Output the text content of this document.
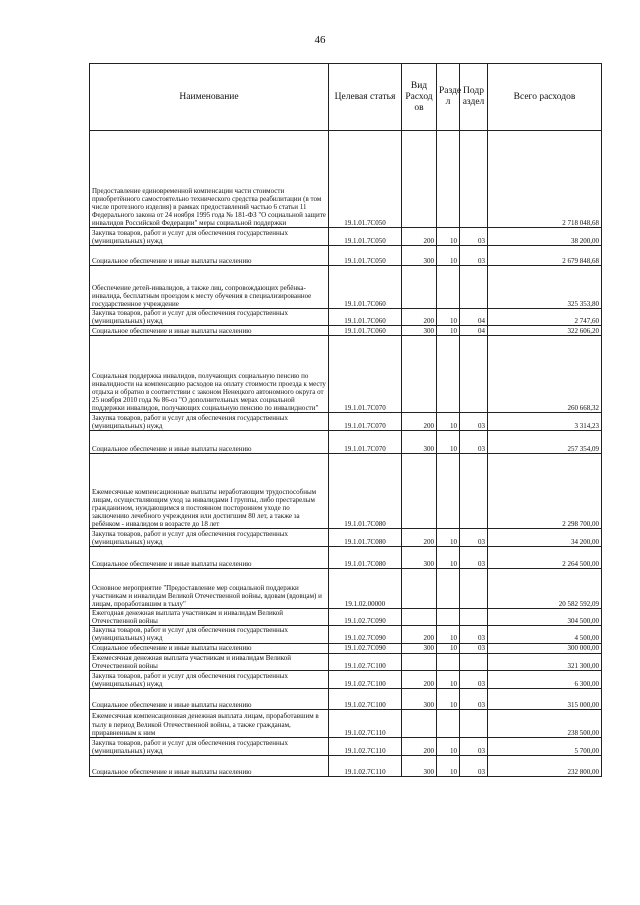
46
Наименование	Целевая статья	Вид Расход ов	Разде л	Подр аздел	Всего расходов
Предоставление единовременной компенсации части стоимости приобретённого самостоятельно технического средства реабилитации (в том числе протезного изделия) в рамках предоставлений частью 6 статьи 11 Федерального закона от 24 ноября 1995 года № 181-ФЗ "О социальной защите инвалидов Российской Федерации" меры социальной поддержки	19.1.01.7С050				2 718 048,68
Закупка товаров, работ и услуг для обеспечения государственных (муниципальных) нужд	19.1.01.7С050	200	10	03	38 200,00
Социальное обеспечение и иные выплаты населению	19.1.01.7С050	300	10	03	2 679 848,68
Обеспечение детей-инвалидов, а также лиц, сопровождающих ребёнка-инвалида, бесплатным проездом к месту обучения в специализированное государственное учреждение	19.1.01.7С060				325 353,80
Закупка товаров, работ и услуг для обеспечения государственных (муниципальных) нужд	19.1.01.7С060	200	10	04	2 747,60
Социальное обеспечение и иные выплаты населению	19.1.01.7С060	300	10	04	322 606,20
Социальная поддержка инвалидов, получающих социальную пенсию по инвалидности на компенсацию расходов на оплату стоимости проезда к месту отдыха и обратно в соответствии с законом Ненецкого автономного округа от 25 ноября 2010 года № 86-оз "О дополнительных мерах социальной поддержки инвалидов, получающих социальную пенсию по инвалидности"	19.1.01.7С070				260 668,32
Закупка товаров, работ и услуг для обеспечения государственных (муниципальных) нужд	19.1.01.7С070	200	10	03	3 314,23
Социальное обеспечение и иные выплаты населению	19.1.01.7С070	300	10	03	257 354,09
Ежемесячные компенсационные выплаты неработающим трудоспособным лицам, осуществляющим уход за инвалидами I группы, либо престарелым гражданином, нуждающимся в постоянном постороннем уходе по заключению лечебного учреждения или достигшим 80 лет, а также за ребёнком - инвалидом в возрасте до 18 лет	19.1.01.7С080				2 298 700,00
Закупка товаров, работ и услуг для обеспечения государственных (муниципальных) нужд	19.1.01.7С080	200	10	03	34 200,00
Социальное обеспечение и иные выплаты населению	19.1.01.7С080	300	10	03	2 264 500,00
Основное мероприятие "Предоставление мер социальной поддержки участникам и инвалидам Великой Отечественной войны, вдовам (вдовцам) и лицам, проработавшим в тылу"	19.1.02.00000				20 582 592,09
Ежегодная денежная выплата участникам и инвалидам Великой Отечественной войны	19.1.02.7С090				304 500,00
Закупка товаров, работ и услуг для обеспечения государственных (муниципальных) нужд	19.1.02.7С090	200	10	03	4 500,00
Социальное обеспечение и иные выплаты населению	19.1.02.7С090	300	10	03	300 000,00
Ежемесячная денежная выплата участникам и инвалидам Великой Отечественной войны	19.1.02.7С100				321 300,00
Закупка товаров, работ и услуг для обеспечения государственных (муниципальных) нужд	19.1.02.7С100	200	10	03	6 300,00
Социальное обеспечение и иные выплаты населению	19.1.02.7С100	300	10	03	315 000,00
Ежемесячная компенсационная денежная выплата лицам, проработавшим в тылу в период Великой Отечественной войны, а также гражданам, приравненным к ним	19.1.02.7С110				238 500,00
Закупка товаров, работ и услуг для обеспечения государственных (муниципальных) нужд	19.1.02.7С110	200	10	03	5 700,00
Социальное обеспечение и иные выплаты населению	19.1.02.7С110	300	10	03	232 800,00
